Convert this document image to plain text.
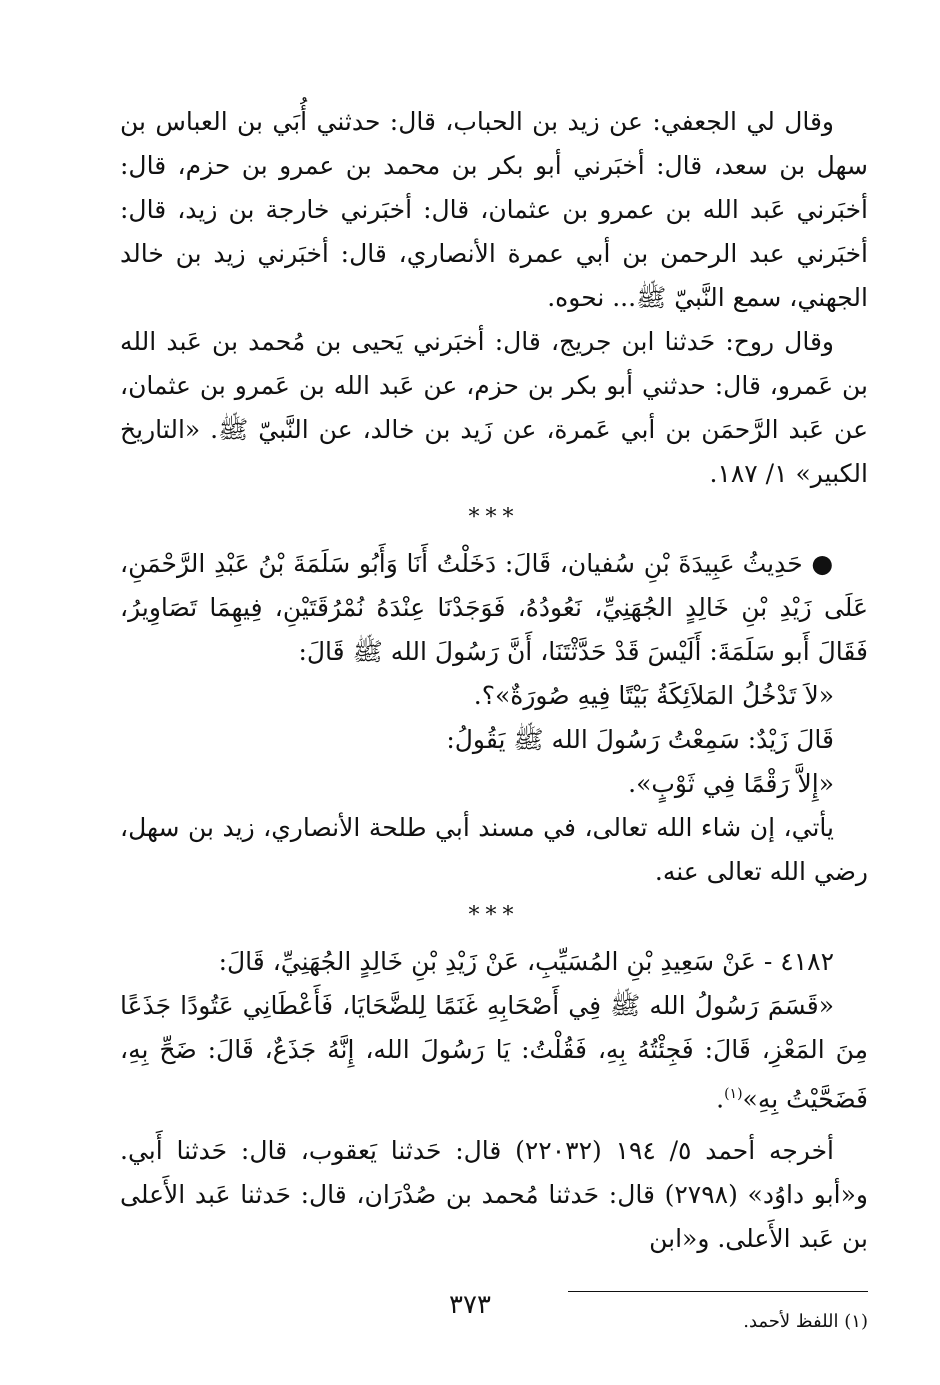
وقال لي الجعفي: عن زيد بن الحباب، قال: حدثني أُبَي بن العباس بن سهل بن سعد، قال: أخبَرني أبو بكر بن محمد بن عمرو بن حزم، قال: أخبَرني عَبد الله بن عمرو بن عثمان، قال: أخبَرني خارجة بن زيد، قال: أخبَرني عبد الرحمن بن أبي عمرة الأنصاري، قال: أخبَرني زيد بن خالد الجهني، سمع النَّبيّ ﷺ... نحوه.

وقال روح: حَدثنا ابن جريج، قال: أخبَرني يَحيى بن مُحمد بن عَبد الله بن عَمرو، قال: حدثني أبو بكر بن حزم، عن عَبد الله بن عَمرو بن عثمان، عن عَبد الرَّحمَن بن أبي عَمرة، عن زَيد بن خالد، عن النَّبيّ ﷺ. «التاريخ الكبير» ١/ ١٨٧.

***

● حَدِيثُ عَبِيدَةَ بْنِ سُفيان، قَالَ: دَخَلْتُ أَنَا وَأَبُو سَلَمَةَ بْنُ عَبْدِ الرَّحْمَنِ، عَلَى زَيْدِ بْنِ خَالِدٍ الجُهَنِيِّ، نَعُودُهُ، فَوَجَدْنَا عِنْدَهُ نُمْرُقَتَيْنِ، فِيهِمَا تَصَاوِيرُ، فَقَالَ أَبو سَلَمَةَ: أَلَيْسَ قَدْ حَدَّثْتَنَا، أَنَّ رَسُولَ الله ﷺ قَالَ:

«لاَ تَدْخُلُ المَلاَئِكَةُ بَيْتًا فِيهِ صُورَةٌ»؟.

قَالَ زَيْدٌ: سَمِعْتُ رَسُولَ الله ﷺ يَقُولُ:

«إِلاَّ رَقْمًا فِي ثَوْبٍ».

يأتي، إن شاء الله تعالى، في مسند أبي طلحة الأنصاري، زيد بن سهل، رضي الله تعالى عنه.

***

٤١٨٢ - عَنْ سَعِيدِ بْنِ المُسَيِّبِ، عَنْ زَيْدِ بْنِ خَالِدٍ الجُهَنِيِّ، قَالَ:

«قَسَمَ رَسُولُ الله ﷺ فِي أَصْحَابِهِ غَنَمًا لِلضَّحَايَا، فَأَعْطَانِي عَتُودًا جَذَعًا مِنَ المَعْزِ، قَالَ: فَجِئْتُهُ بِهِ، فَقُلْتُ: يَا رَسُولَ الله، إِنَّهُ جَذَعٌ، قَالَ: ضَحِّ بِهِ، فَضَحَّيْتُ بِهِ»$^{(١)}$.

أخرجه أحمد ٥/ ١٩٤ (٢٢٠٣٢) قال: حَدثنا يَعقوب، قال: حَدثنا أَبي. و«أبو داوُد» (٢٧٩٨) قال: حَدثنا مُحمد بن صُدْرَان، قال: حَدثنا عَبد الأَعلى بن عَبد الأَعلى. و«ابن

(١) اللفظ لأحمد.

٣٧٣
